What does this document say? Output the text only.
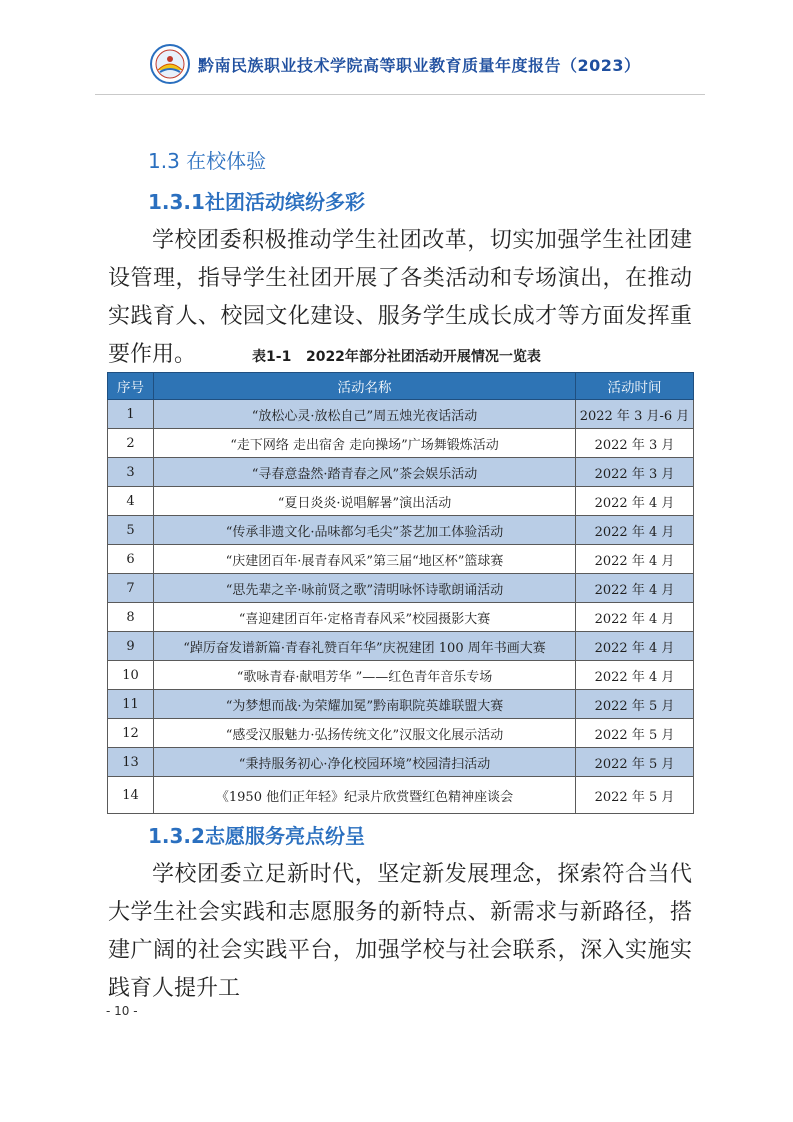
黔南民族职业技术学院高等职业教育质量年度报告（2023）
1.3 在校体验
1.3.1社团活动缤纷多彩
学校团委积极推动学生社团改革，切实加强学生社团建设管理，指导学生社团开展了各类活动和专场演出，在推动实践育人、校园文化建设、服务学生成长成才等方面发挥重要作用。	表1-1   2022年部分社团活动开展情况一览表
序号	活动名称	活动时间
1	“放松心灵·放松自己”周五烛光夜话活动	2022 年 3 月-6 月
2	“走下网络 走出宿舍 走向操场”广场舞锻炼活动	2022 年 3 月
3	“寻春意盎然·踏青春之风”茶会娱乐活动	2022 年 3 月
4	“夏日炎炎·说唱解暑”演出活动	2022 年 4 月
5	“传承非遗文化·品味都匀毛尖”茶艺加工体验活动	2022 年 4 月
6	“庆建团百年·展青春风采”第三届“地区杯”篮球赛	2022 年 4 月
7	“思先辈之辛·咏前贤之歌”清明咏怀诗歌朗诵活动	2022 年 4 月
8	“喜迎建团百年·定格青春风采”校园摄影大赛	2022 年 4 月
9	“踔厉奋发谱新篇·青春礼赞百年华”庆祝建团 100 周年书画大赛	2022 年 4 月
10	“歌咏青春·献唱芳华 ”——红色青年音乐专场	2022 年 4 月
11	“为梦想而战·为荣耀加冕”黔南职院英雄联盟大赛	2022 年 5 月
12	“感受汉服魅力·弘扬传统文化”汉服文化展示活动	2022 年 5 月
13	“秉持服务初心·净化校园环境”校园清扫活动	2022 年 5 月
14	《1950 他们正年轻》纪录片欣赏暨红色精神座谈会	2022 年 5 月
1.3.2志愿服务亮点纷呈
学校团委立足新时代，坚定新发展理念，探索符合当代大学生社会实践和志愿服务的新特点、新需求与新路径，搭建广阔的社会实践平台，加强学校与社会联系，深入实施实践育人提升工
- 10 -
